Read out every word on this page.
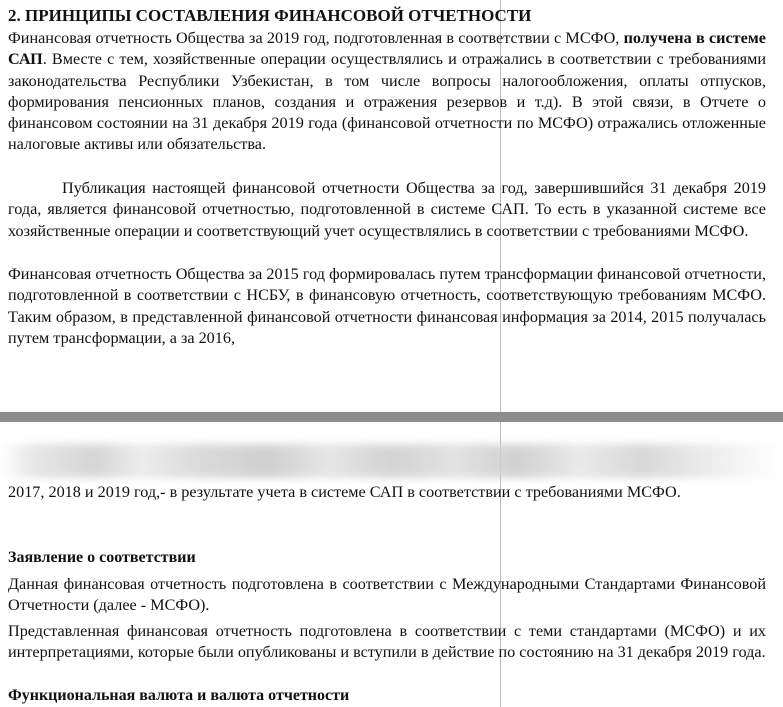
2. ПРИНЦИПЫ СОСТАВЛЕНИЯ ФИНАНСОВОЙ ОТЧЕТНОСТИ

Финансовая отчетность Общества за 2019 год, подготовленная в соответствии с МСФО, получена в системе САП. Вместе с тем, хозяйственные операции осуществлялись и отражались в соответствии с требованиями законодательства Республики Узбекистан, в том числе вопросы налогообложения, оплаты отпусков, формирования пенсионных планов, создания и отражения резервов и т.д). В этой связи, в Отчете о финансовом состоянии на 31 декабря 2019 года (финансовой отчетности по МСФО) отражались отложенные налоговые активы или обязательства.

Публикация настоящей финансовой отчетности Общества за год, завершившийся 31 декабря 2019 года, является финансовой отчетностью, подготовленной в системе САП. То есть в указанной системе все хозяйственные операции и соответствующий учет осуществлялись в соответствии с требованиями МСФО.

Финансовая отчетность Общества за 2015 год формировалась путем трансформации финансовой отчетности, подготовленной в соответствии с НСБУ, в финансовую отчетность, соответствующую требованиям МСФО. Таким образом, в представленной финансовой отчетности финансовая информация за 2014, 2015 получалась путем трансформации, а за 2016,

2017, 2018 и 2019 год,- в результате учета в системе САП в соответствии с требованиями МСФО.

Заявление о соответствии

Данная финансовая отчетность подготовлена в соответствии с Международными Стандартами Финансовой Отчетности (далее - МСФО).

Представленная финансовая отчетность подготовлена в соответствии с теми стандартами (МСФО) и их интерпретациями, которые были опубликованы и вступили в действие по состоянию на 31 декабря 2019 года.

Функциональная валюта и валюта отчетности
